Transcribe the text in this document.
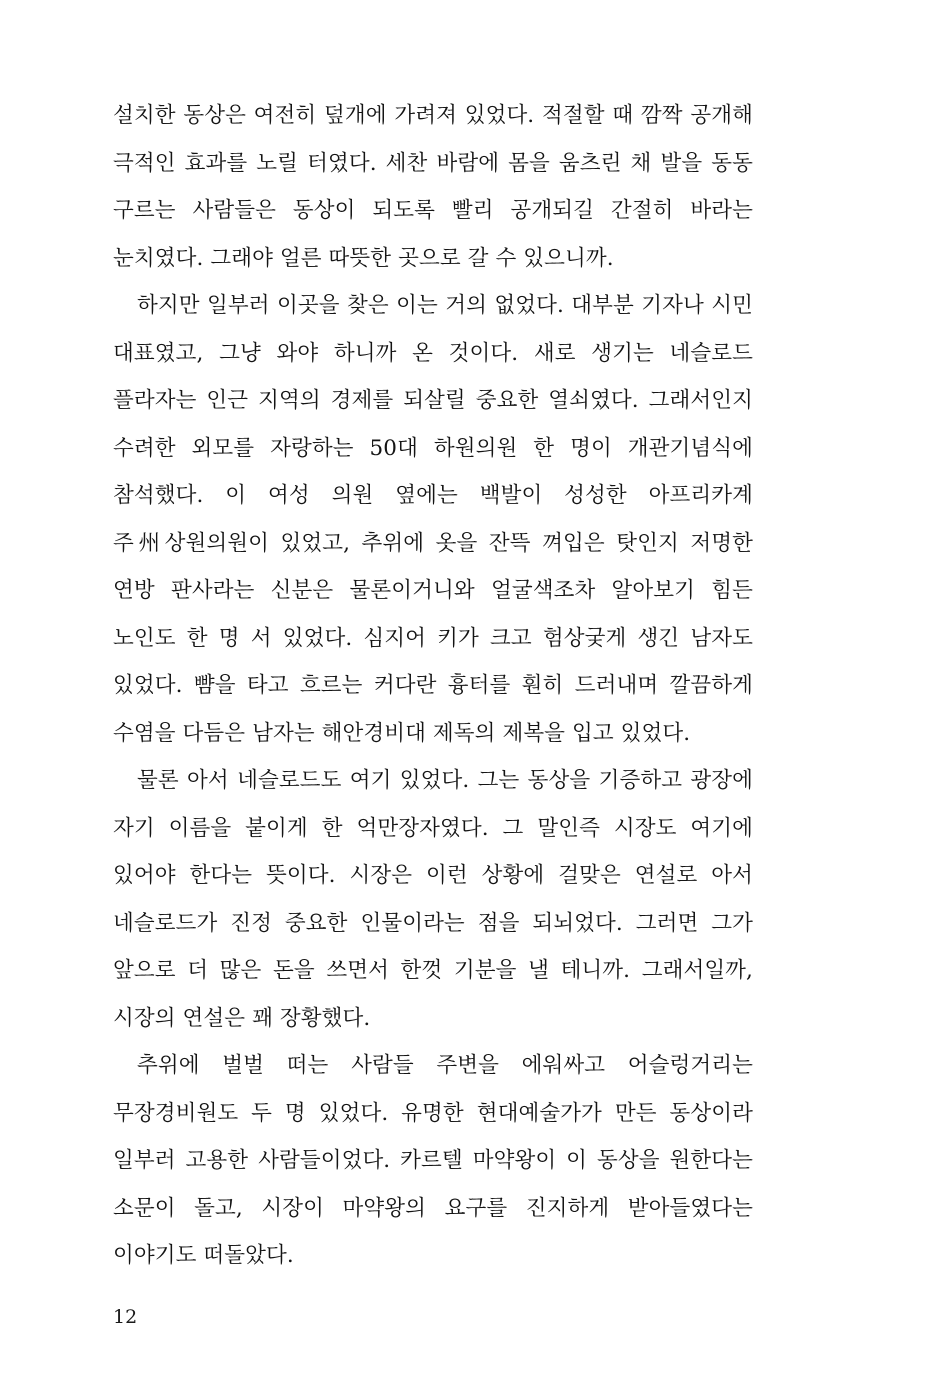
설치한 동상은 여전히 덮개에 가려져 있었다. 적절할 때 깜짝 공개해 극적인 효과를 노릴 터였다. 세찬 바람에 몸을 움츠린 채 발을 동동 구르는 사람들은 동상이 되도록 빨리 공개되길 간절히 바라는 눈치였다. 그래야 얼른 따뜻한 곳으로 갈 수 있으니까.

하지만 일부러 이곳을 찾은 이는 거의 없었다. 대부분 기자나 시민 대표였고, 그냥 와야 하니까 온 것이다. 새로 생기는 네슬로드 플라자는 인근 지역의 경제를 되살릴 중요한 열쇠였다. 그래서인지 수려한 외모를 자랑하는 50대 하원의원 한 명이 개관기념식에 참석했다. 이 여성 의원 옆에는 백발이 성성한 아프리카계 주州상원의원이 있었고, 추위에 옷을 잔뜩 껴입은 탓인지 저명한 연방 판사라는 신분은 물론이거니와 얼굴색조차 알아보기 힘든 노인도 한 명 서 있었다. 심지어 키가 크고 험상궂게 생긴 남자도 있었다. 뺨을 타고 흐르는 커다란 흉터를 훤히 드러내며 깔끔하게 수염을 다듬은 남자는 해안경비대 제독의 제복을 입고 있었다.

물론 아서 네슬로드도 여기 있었다. 그는 동상을 기증하고 광장에 자기 이름을 붙이게 한 억만장자였다. 그 말인즉 시장도 여기에 있어야 한다는 뜻이다. 시장은 이런 상황에 걸맞은 연설로 아서 네슬로드가 진정 중요한 인물이라는 점을 되뇌었다. 그러면 그가 앞으로 더 많은 돈을 쓰면서 한껏 기분을 낼 테니까. 그래서일까, 시장의 연설은 꽤 장황했다.

추위에 벌벌 떠는 사람들 주변을 에워싸고 어슬렁거리는 무장경비원도 두 명 있었다. 유명한 현대예술가가 만든 동상이라 일부러 고용한 사람들이었다. 카르텔 마약왕이 이 동상을 원한다는 소문이 돌고, 시장이 마약왕의 요구를 진지하게 받아들였다는 이야기도 떠돌았다.

12
